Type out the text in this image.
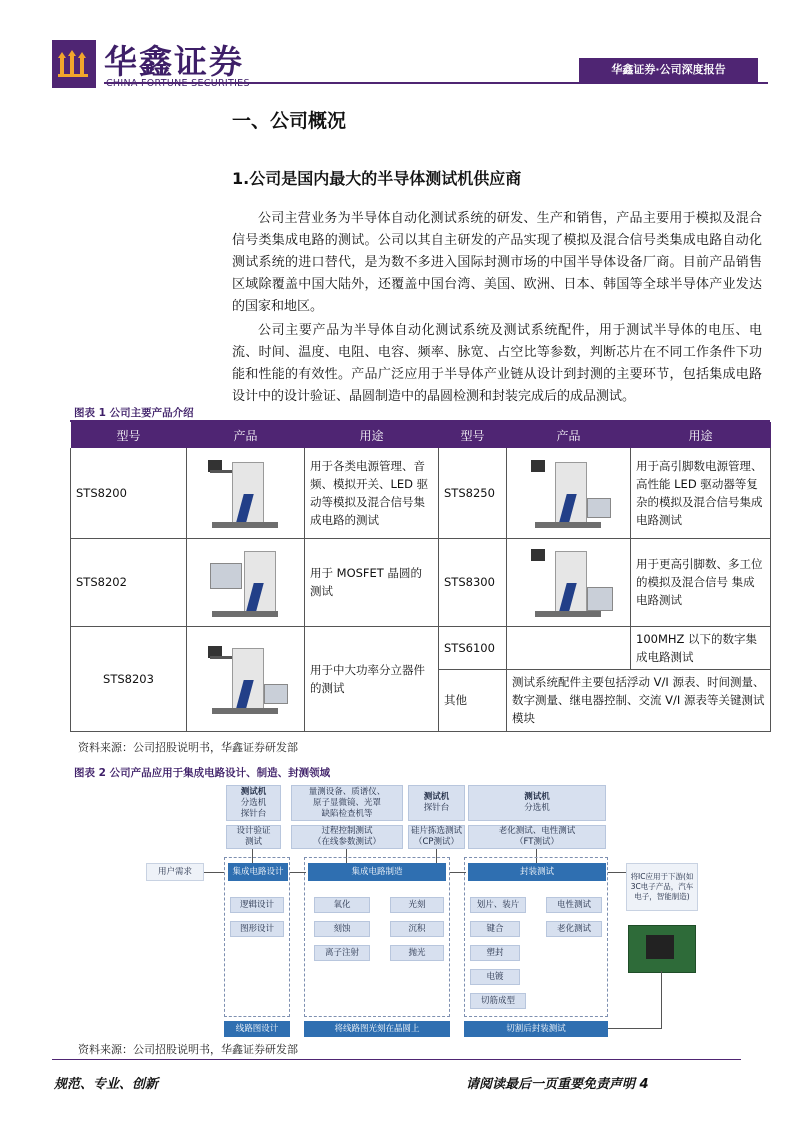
华鑫证券	华鑫证券·公司深度报告
一、公司概况
1.公司是国内最大的半导体测试机供应商

公司主营业务为半导体自动化测试系统的研发、生产和销售，产品主要用于模拟及混合信号类集成电路的测试。公司以其自主研发的产品实现了模拟及混合信号类集成电路自动化测试系统的进口替代，是为数不多进入国际封测市场的中国半导体设备厂商。目前产品销售区域除覆盖中国大陆外，还覆盖中国台湾、美国、欧洲、日本、韩国等全球半导体产业发达的国家和地区。

公司主要产品为半导体自动化测试系统及测试系统配件，用于测试半导体的电压、电流、时间、温度、电阻、电容、频率、脉宽、占空比等参数，判断芯片在不同工作条件下功能和性能的有效性。产品广泛应用于半导体产业链从设计到封测的主要环节，包括集成电路设计中的设计验证、晶圆制造中的晶圆检测和封装完成后的成品测试。

图表 1 公司主要产品介绍
型号	产品	用途	型号	产品	用途
STS8200		用于各类电源管理、音频、模拟开关、LED 驱动等模拟及混合信号集成电路的测试	STS8250		用于高引脚数电源管理、高性能 LED 驱动器等复杂的模拟及混合信号集成电路测试
STS8202		用于 MOSFET 晶圆的测试	STS8300		用于更高引脚数、多工位的模拟及混合信号 集成电路测试
STS8203		用于中大功率分立器件的测试	STS6100		100MHZ 以下的数字集成电路测试
			其他	测试系统配件主要包括浮动 V/I 源表、时间测量、数字测量、继电器控制、交流 V/I 源表等关键测试模块	
资料来源：公司招股说明书，华鑫证券研发部
图表 2 公司产品应用于集成电路设计、制造、封测领域
测试机
分选机
探针台
量测设备、质谱仪、
原子显微镜、光罩
缺陷检查机等
测试机
探针台
测试机
分选机
设计验证
测试
过程控制测试
（在线参数测试）
硅片拣选测试
（CP测试）
老化测试、电性测试
（FT测试）
用户需求	集成电路设计	集成电路制造	封装测试
逻辑设计
图形设计
氧化	光刻
刻蚀	沉积
离子注射	抛光
划片、装片	电性测试
键合	老化测试
塑封
电镀
切筋成型
线路图设计	将线路图光刻在晶圆上	切割后封装测试
将IC应用于下游(如3C电子产品，汽车电子，智能制造)
资料来源：公司招股说明书，华鑫证券研发部
规范、专业、创新	请阅读最后一页重要免责声明 4
